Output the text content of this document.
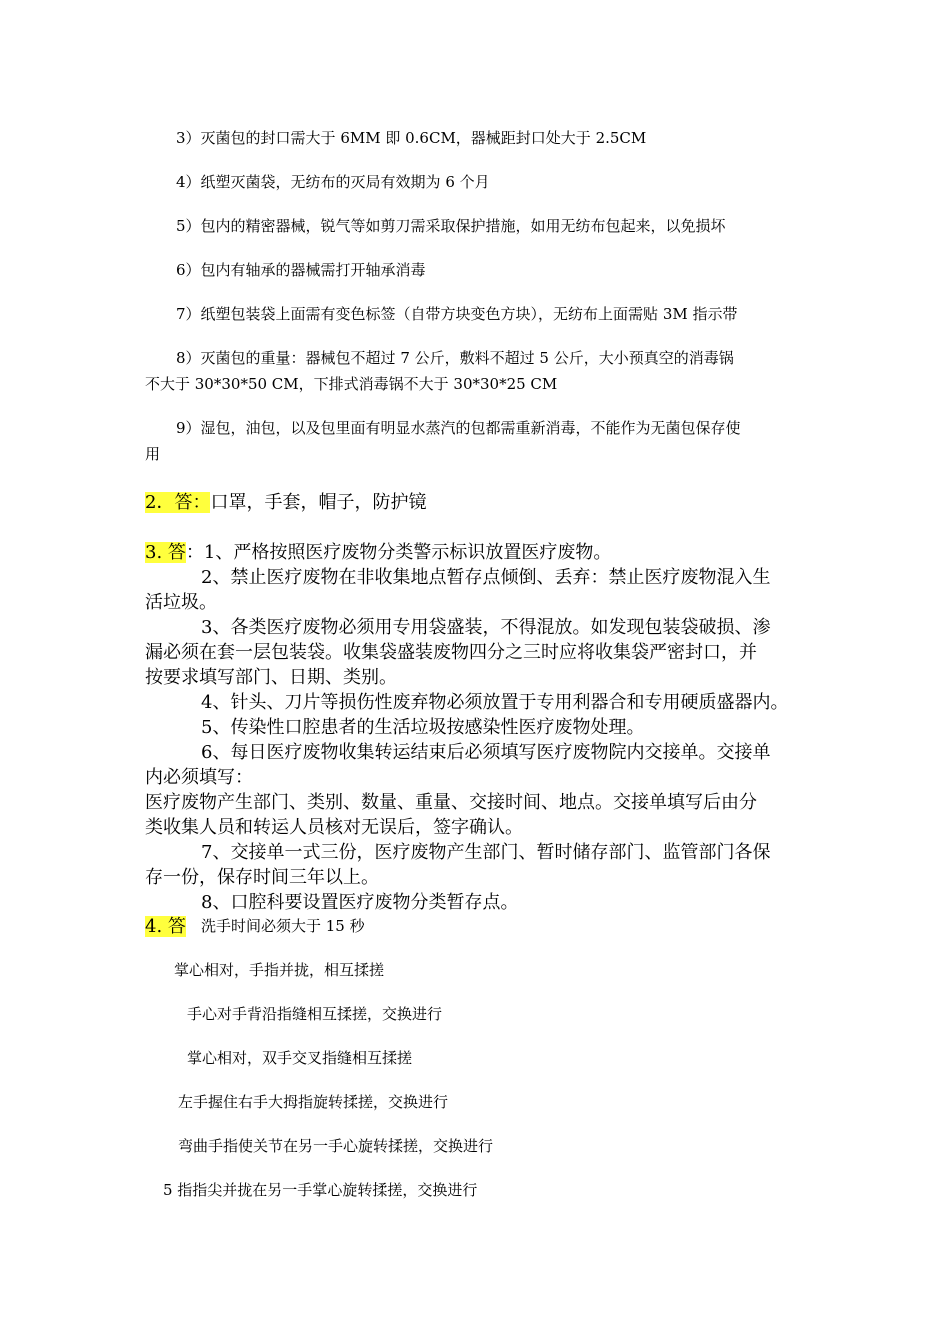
3）灭菌包的封口需大于 6MM 即 0.6CM，器械距封口处大于 2.5CM
4）纸塑灭菌袋，无纺布的灭局有效期为 6 个月
5）包内的精密器械，锐气等如剪刀需采取保护措施，如用无纺布包起来，以免损坏
6）包内有轴承的器械需打开轴承消毒
7）纸塑包装袋上面需有变色标签（自带方块变色方块），无纺布上面需贴 3M 指示带
8）灭菌包的重量：器械包不超过 7 公斤，敷料不超过 5 公斤，大小预真空的消毒锅
不大于 30*30*50 CM，下排式消毒锅不大于 30*30*25 CM
9）湿包，油包，以及包里面有明显水蒸汽的包都需重新消毒，不能作为无菌包保存使
用
2．答：口罩，手套，帽子，防护镜
3. 答：1、严格按照医疗废物分类警示标识放置医疗废物。
2、禁止医疗废物在非收集地点暂存点倾倒、丢弃：禁止医疗废物混入生
活垃圾。
3、各类医疗废物必须用专用袋盛装，不得混放。如发现包装袋破损、渗
漏必须在套一层包装袋。收集袋盛装废物四分之三时应将收集袋严密封口，并
按要求填写部门、日期、类别。
4、针头、刀片等损伤性废弃物必须放置于专用利器合和专用硬质盛器内。
5、传染性口腔患者的生活垃圾按感染性医疗废物处理。
6、每日医疗废物收集转运结束后必须填写医疗废物院内交接单。交接单
内必须填写：
医疗废物产生部门、类别、数量、重量、交接时间、地点。交接单填写后由分
类收集人员和转运人员核对无误后，签字确认。
7、交接单一式三份，医疗废物产生部门、暂时储存部门、监管部门各保
存一份，保存时间三年以上。
8、口腔科要设置医疗废物分类暂存点。
4. 答 洗手时间必须大于 15 秒
掌心相对，手指并拢，相互揉搓
手心对手背沿指缝相互揉搓，交换进行
掌心相对，双手交叉指缝相互揉搓
左手握住右手大拇指旋转揉搓，交换进行
弯曲手指使关节在另一手心旋转揉搓，交换进行
5 指指尖并拢在另一手掌心旋转揉搓，交换进行
